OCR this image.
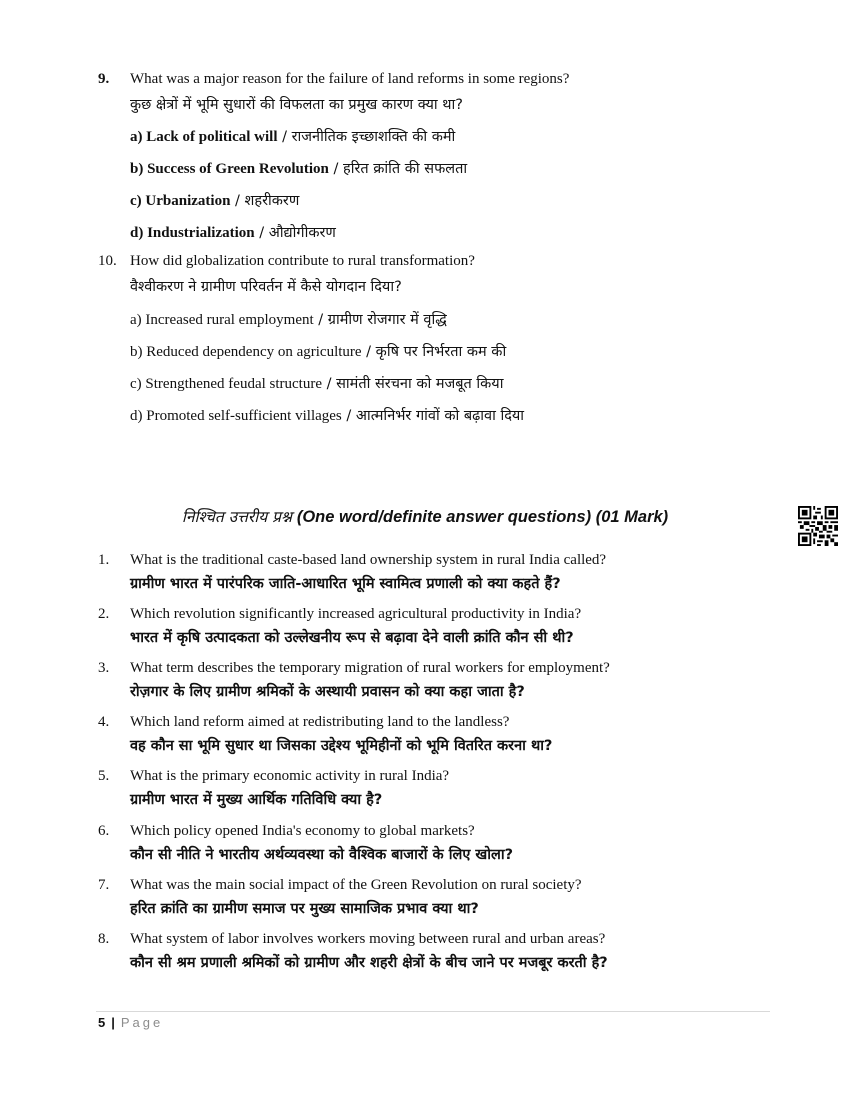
9. What was a major reason for the failure of land reforms in some regions?
कुछ क्षेत्रों में भूमि सुधारों की विफलता का प्रमुख कारण क्या था?
a) Lack of political will / राजनीतिक इच्छाशक्ति की कमी
b) Success of Green Revolution / हरित क्रांति की सफलता
c) Urbanization / शहरीकरण
d) Industrialization / औद्योगीकरण
10. How did globalization contribute to rural transformation?
वैश्वीकरण ने ग्रामीण परिवर्तन में कैसे योगदान दिया?
a) Increased rural employment / ग्रामीण रोजगार में वृद्धि
b) Reduced dependency on agriculture / कृषि पर निर्भरता कम की
c) Strengthened feudal structure / सामंती संरचना को मजबूत किया
d) Promoted self-sufficient villages / आत्मनिर्भर गांवों को बढ़ावा दिया
निश्चित उत्तरीय प्रश्न (One word/definite answer questions) (01 Mark)
1. What is the traditional caste-based land ownership system in rural India called?
ग्रामीण भारत में पारंपरिक जाति-आधारित भूमि स्वामित्व प्रणाली को क्या कहते हैं?
2. Which revolution significantly increased agricultural productivity in India?
भारत में कृषि उत्पादकता को उल्लेखनीय रूप से बढ़ावा देने वाली क्रांति कौन सी थी?
3. What term describes the temporary migration of rural workers for employment?
रोज़गार के लिए ग्रामीण श्रमिकों के अस्थायी प्रवासन को क्या कहा जाता है?
4. Which land reform aimed at redistributing land to the landless?
वह कौन सा भूमि सुधार था जिसका उद्देश्य भूमिहीनों को भूमि वितरित करना था?
5. What is the primary economic activity in rural India?
ग्रामीण भारत में मुख्य आर्थिक गतिविधि क्या है?
6. Which policy opened India's economy to global markets?
कौन सी नीति ने भारतीय अर्थव्यवस्था को वैश्विक बाजारों के लिए खोला?
7. What was the main social impact of the Green Revolution on rural society?
हरित क्रांति का ग्रामीण समाज पर मुख्य सामाजिक प्रभाव क्या था?
8. What system of labor involves workers moving between rural and urban areas?
कौन सी श्रम प्रणाली श्रमिकों को ग्रामीण और शहरी क्षेत्रों के बीच जाने पर मजबूर करती है?
5 | Page
